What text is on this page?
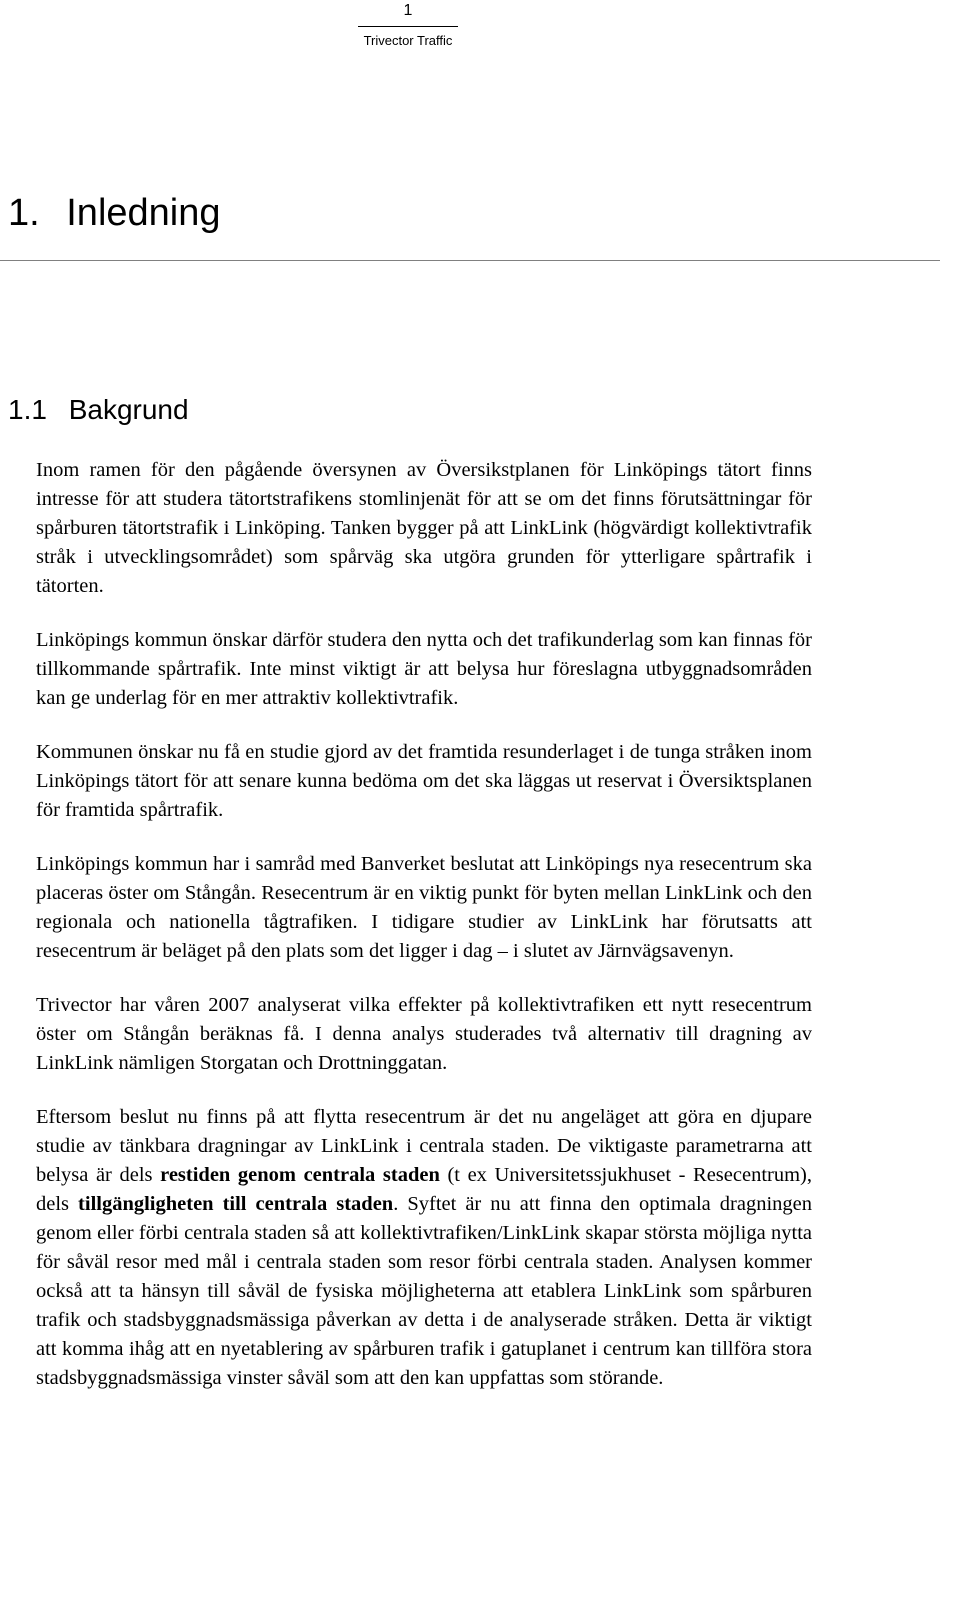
1
Trivector Traffic
1. Inledning
1.1 Bakgrund

Inom ramen för den pågående översynen av Översikstplanen för Linköpings tätort finns intresse för att studera tätortstrafikens stomlinjenät för att se om det finns förutsättningar för spårburen tätortstrafik i Linköping. Tanken bygger på att LinkLink (högvärdigt kollektivtrafik stråk i utvecklingsområdet) som spårväg ska utgöra grunden för ytterligare spårtrafik i tätorten.

Linköpings kommun önskar därför studera den nytta och det trafikunderlag som kan finnas för tillkommande spårtrafik. Inte minst viktigt är att belysa hur föreslagna utbyggnadsområden kan ge underlag för en mer attraktiv kollektivtrafik.

Kommunen önskar nu få en studie gjord av det framtida resunderlaget i de tunga stråken inom Linköpings tätort för att senare kunna bedöma om det ska läggas ut reservat i Översiktsplanen för framtida spårtrafik.

Linköpings kommun har i samråd med Banverket beslutat att Linköpings nya resecentrum ska placeras öster om Stångån. Resecentrum är en viktig punkt för byten mellan LinkLink och den regionala och nationella tågtrafiken. I tidigare studier av LinkLink har förutsatts att resecentrum är beläget på den plats som det ligger i dag – i slutet av Järnvägsavenyn.

Trivector har våren 2007 analyserat vilka effekter på kollektivtrafiken ett nytt resecentrum öster om Stångån beräknas få. I denna analys studerades två alternativ till dragning av LinkLink nämligen Storgatan och Drottninggatan.

Eftersom beslut nu finns på att flytta resecentrum är det nu angeläget att göra en djupare studie av tänkbara dragningar av LinkLink i centrala staden. De viktigaste parametrarna att belysa är dels restiden genom centrala staden (t ex Universitetssjukhuset - Resecentrum), dels tillgängligheten till centrala staden. Syftet är nu att finna den optimala dragningen genom eller förbi centrala staden så att kollektivtrafiken/LinkLink skapar största möjliga nytta för såväl resor med mål i centrala staden som resor förbi centrala staden. Analysen kommer också att ta hänsyn till såväl de fysiska möjligheterna att etablera LinkLink som spårburen trafik och stadsbyggnadsmässiga påverkan av detta i de analyserade stråken. Detta är viktigt att komma ihåg att en nyetablering av spårburen trafik i gatuplanet i centrum kan tillföra stora stadsbyggnadsmässiga vinster såväl som att den kan uppfattas som störande.
